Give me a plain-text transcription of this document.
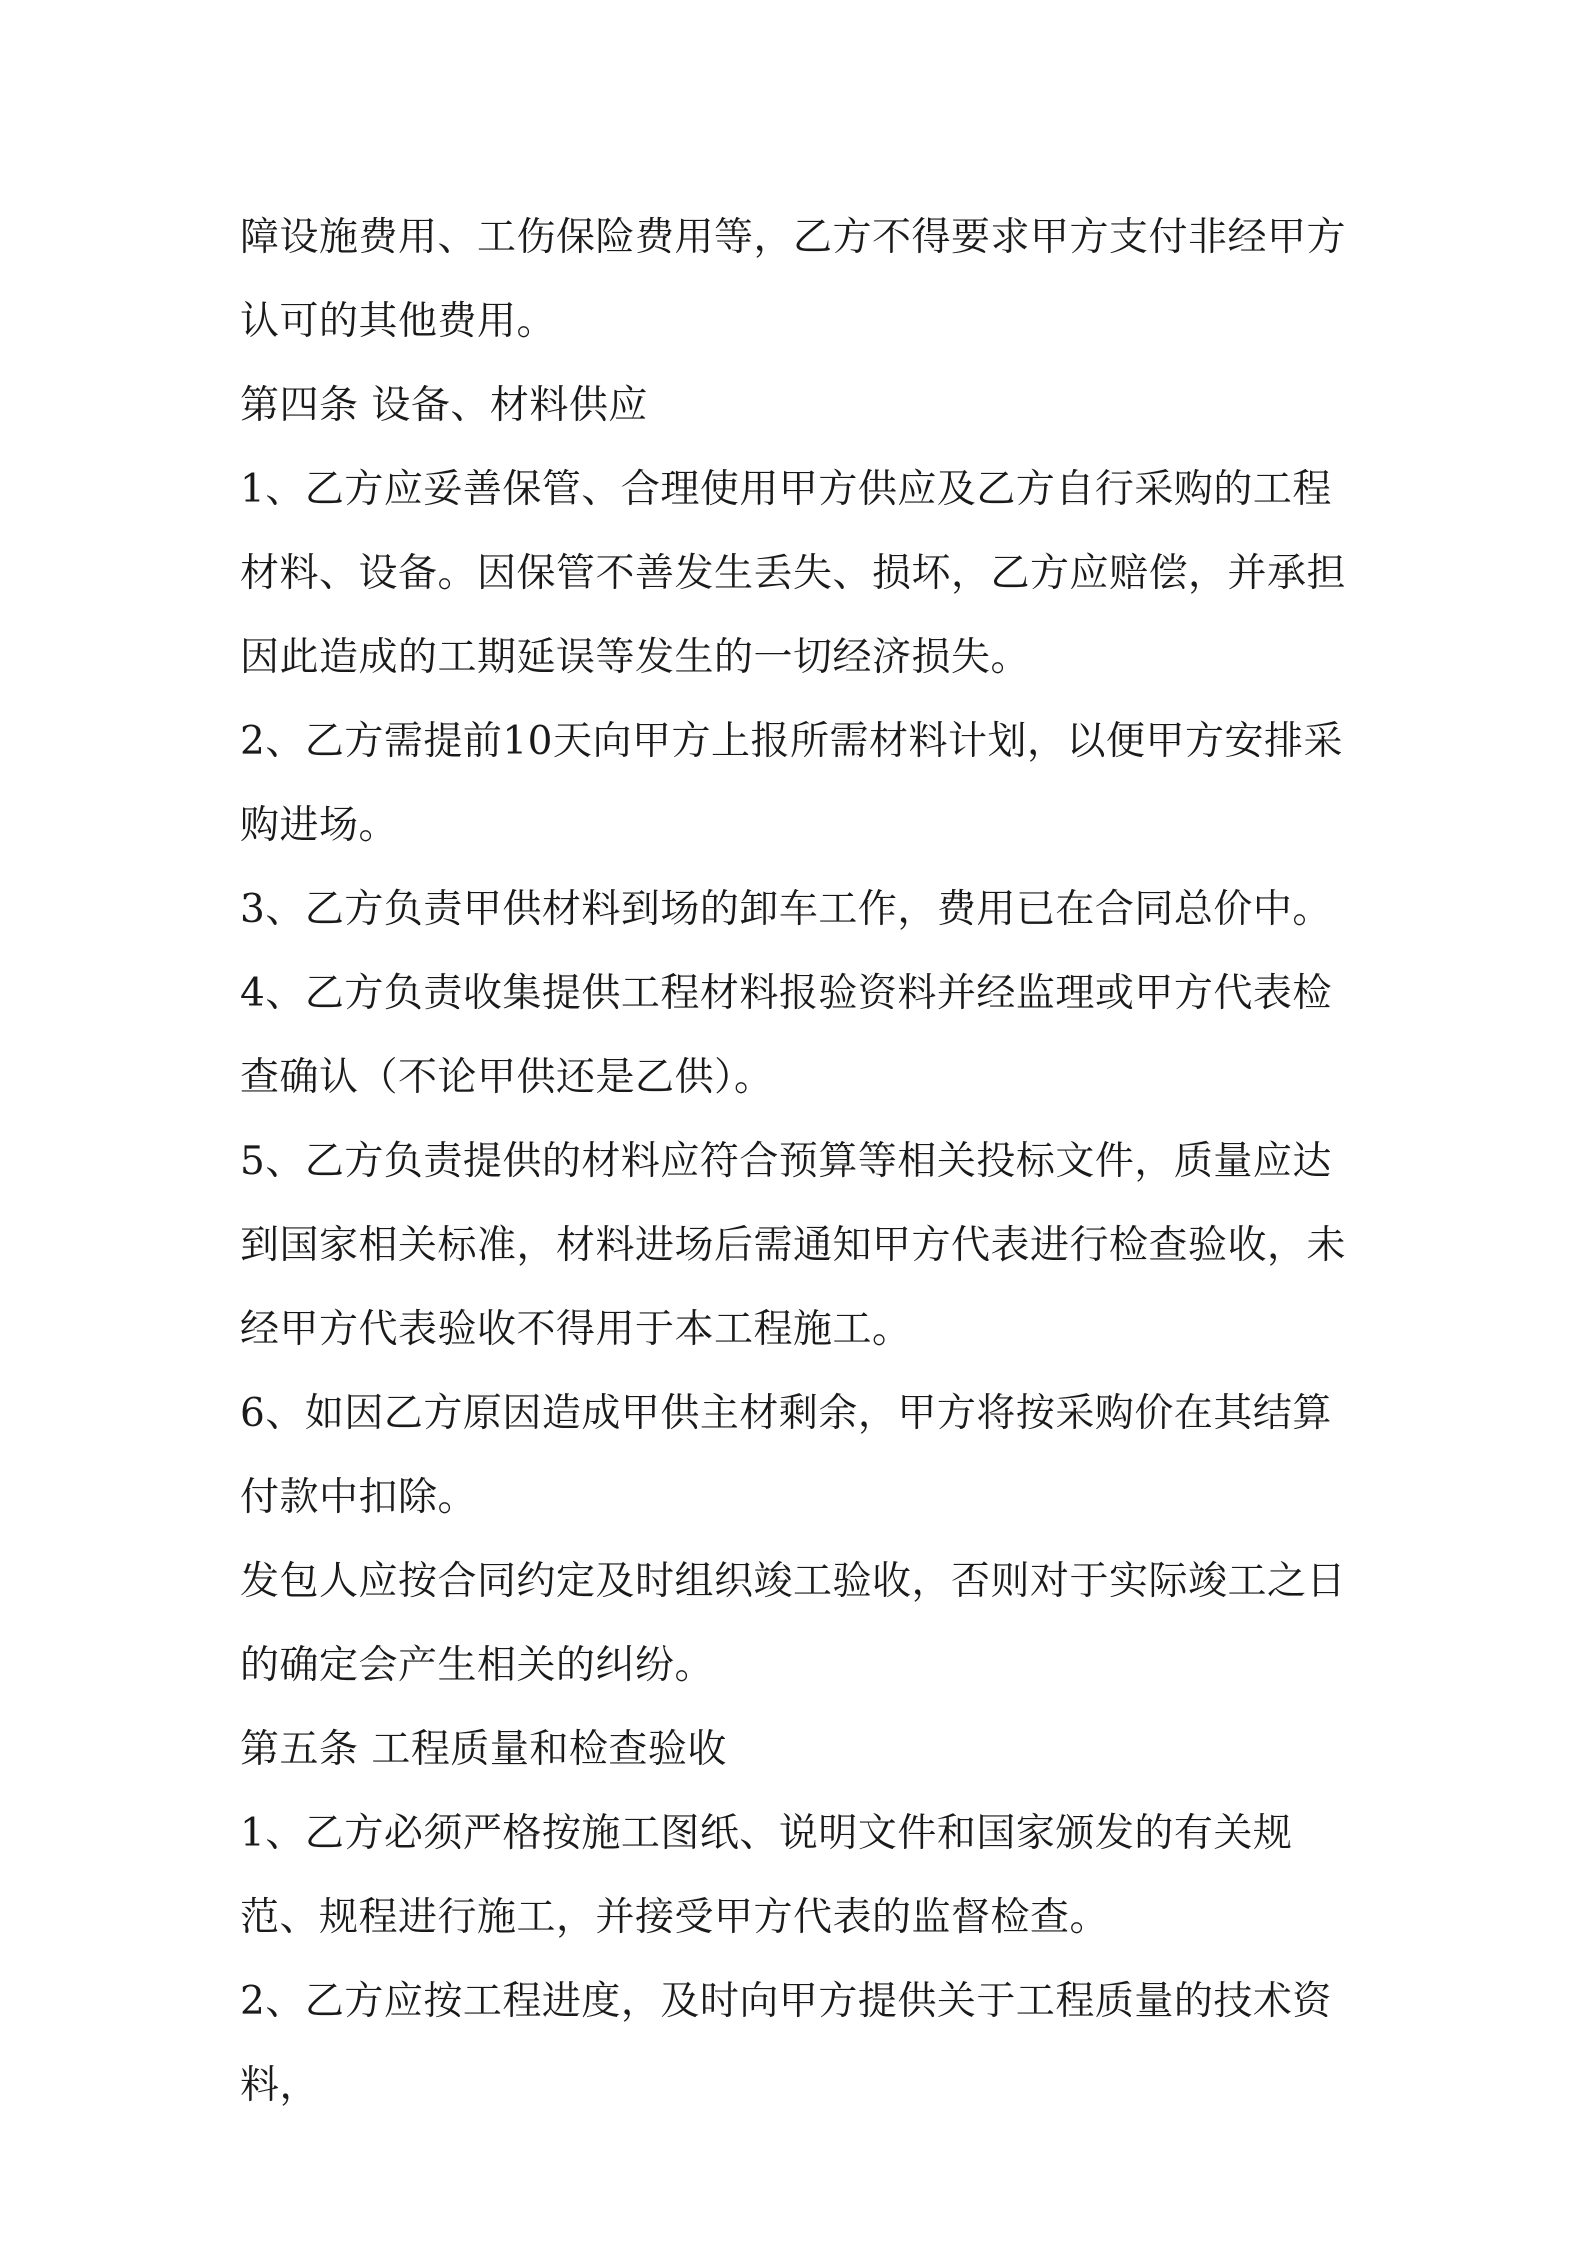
障设施费用、工伤保险费用等，乙方不得要求甲方支付非经甲方认可的其他费用。

第四条 设备、材料供应

1、乙方应妥善保管、合理使用甲方供应及乙方自行采购的工程材料、设备。因保管不善发生丢失、损坏，乙方应赔偿，并承担因此造成的工期延误等发生的一切经济损失。

2、乙方需提前10天向甲方上报所需材料计划，以便甲方安排采购进场。

3、乙方负责甲供材料到场的卸车工作，费用已在合同总价中。

4、乙方负责收集提供工程材料报验资料并经监理或甲方代表检查确认（不论甲供还是乙供）。

5、乙方负责提供的材料应符合预算等相关投标文件，质量应达到国家相关标准，材料进场后需通知甲方代表进行检查验收，未经甲方代表验收不得用于本工程施工。

6、如因乙方原因造成甲供主材剩余，甲方将按采购价在其结算付款中扣除。

发包人应按合同约定及时组织竣工验收，否则对于实际竣工之日的确定会产生相关的纠纷。

第五条 工程质量和检查验收

1、乙方必须严格按施工图纸、说明文件和国家颁发的有关规范、规程进行施工，并接受甲方代表的监督检查。

2、乙方应按工程进度，及时向甲方提供关于工程质量的技术资料，
